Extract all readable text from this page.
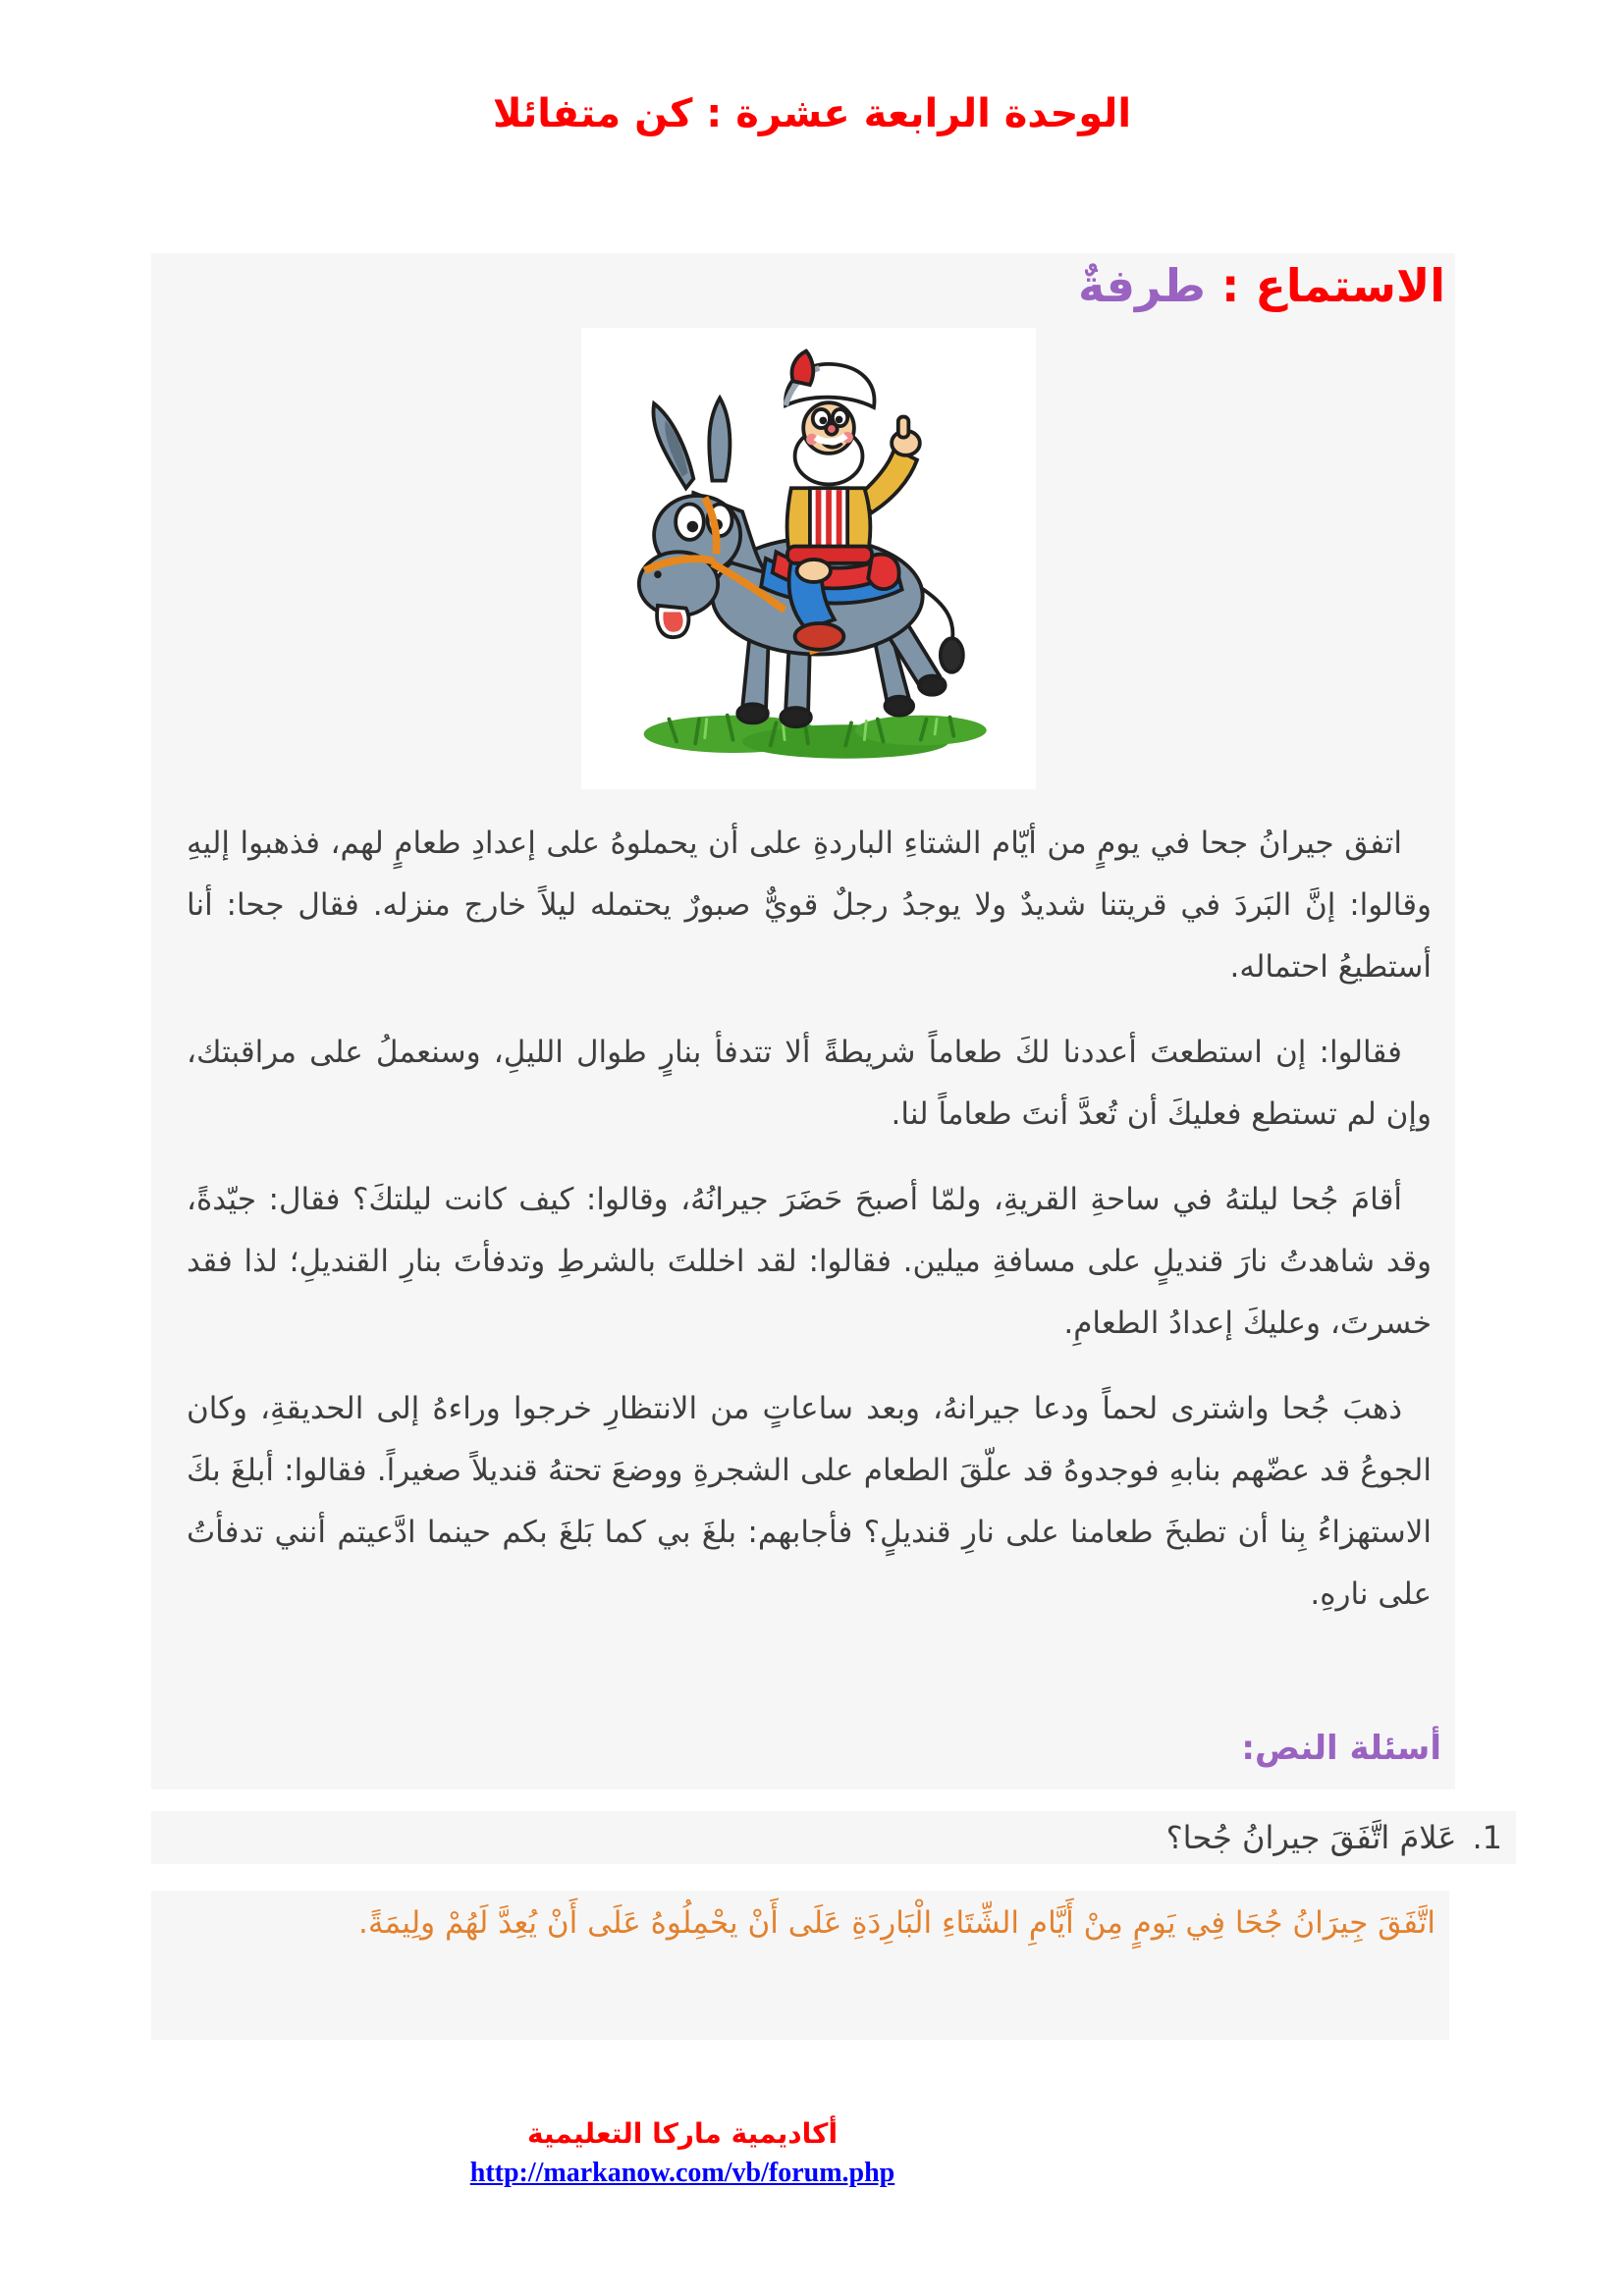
الوحدة الرابعة عشرة : كن متفائلا
الاستماع : طرفةٌ

اتفق جيرانُ جحا في يومٍ من أيّام الشتاءِ الباردةِ على أن يحملوهُ على إعدادِ طعامٍ لهم، فذهبوا إليهِ وقالوا: إنَّ البَردَ في قريتنا شديدٌ ولا يوجدُ رجلٌ قويٌّ صبورٌ يحتمله ليلاً خارج منزله. فقال جحا: أنا أستطيعُ احتماله.

فقالوا: إن استطعتَ أعددنا لكَ طعاماً شريطةً ألا تتدفأ بنارٍ طوال الليلِ، وسنعملُ على مراقبتك، وإن لم تستطع فعليكَ أن تُعدَّ أنتَ طعاماً لنا.

أقامَ جُحا ليلتهُ في ساحةِ القريةِ، ولمّا أصبحَ حَضَرَ جيرانُهُ، وقالوا: كيف كانت ليلتكَ؟ فقال: جيّدةً، وقد شاهدتُ نارَ قنديلٍ على مسافةِ ميلين. فقالوا: لقد اخللتَ بالشرطِ وتدفأتَ بنارِ القنديلِ؛ لذا فقد خسرتَ، وعليكَ إعدادُ الطعامِ.

ذهبَ جُحا واشترى لحماً ودعا جيرانهُ، وبعد ساعاتٍ من الانتظارِ خرجوا وراءهُ إلى الحديقةِ، وكان الجوعُ قد عضّهم بنابهِ فوجدوهُ قد علّقَ الطعام على الشجرةِ ووضعَ تحتهُ قنديلاً صغيراً. فقالوا: أبلغَ بكَ الاستهزاءُ بِنا أن تطبخَ طعامنا على نارِ قنديلٍ؟ فأجابهم: بلغَ بي كما بَلغَ بكم حينما ادَّعيتم أنني تدفأتُ على نارهِ.

أسئلة النص:
1.
عَلامَ اتَّفَقَ جيرانُ جُحا؟

اتَّفَقَ جِيرَانُ جُحَا فِي يَومٍ مِنْ أَيَّامِ الشِّتَاءِ الْبَارِدَةِ عَلَى أَنْ يحْمِلُوهُ عَلَى أَنْ يُعِدَّ لَهُمْ ولِيمَةً.

أكاديمية ماركا التعليمية
http://markanow.com/vb/forum.php
